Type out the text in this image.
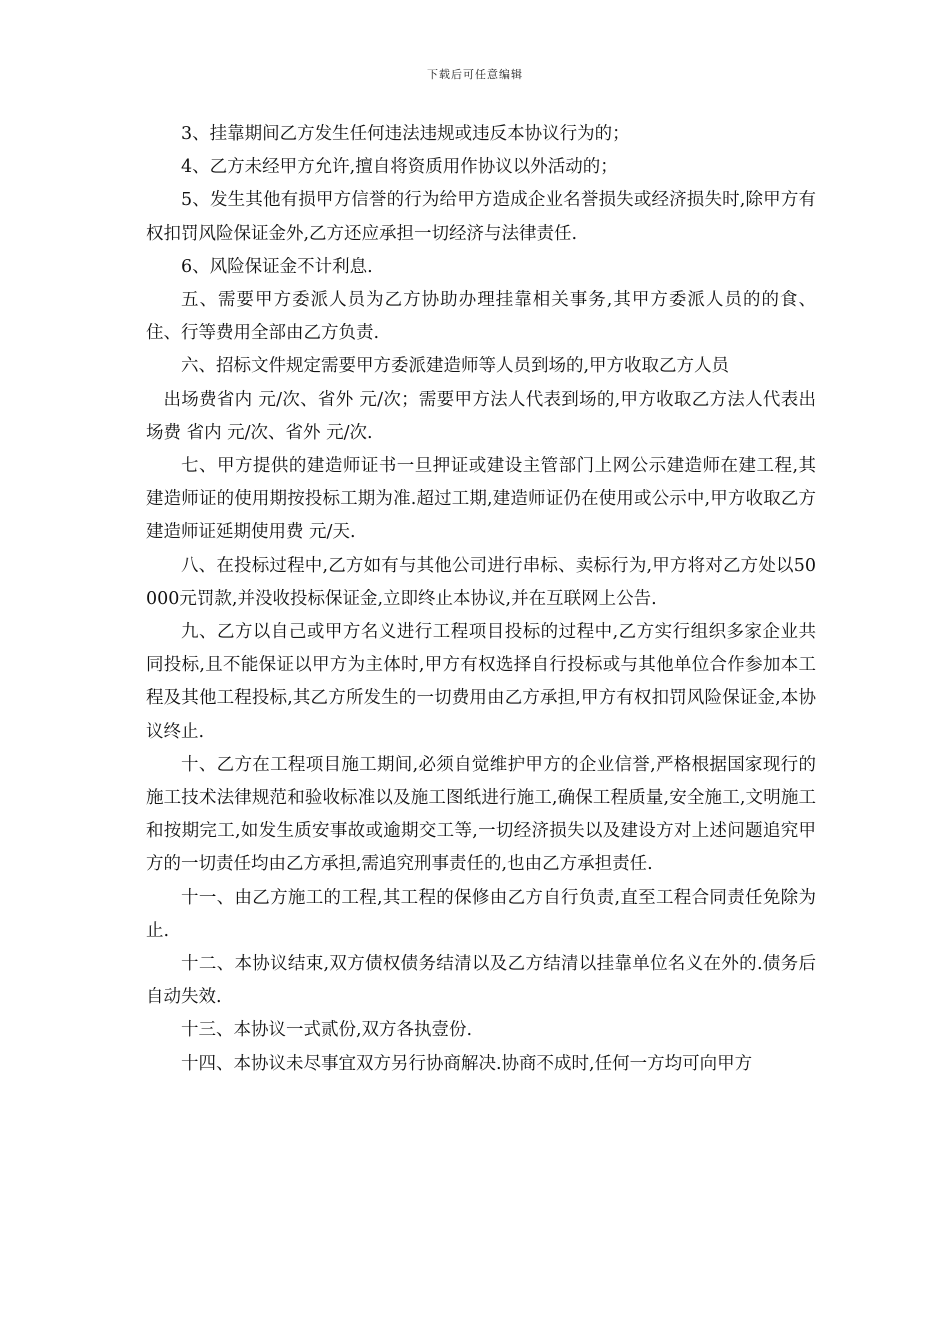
下载后可任意编辑

3、挂靠期间乙方发生任何违法违规或违反本协议行为的；

4、乙方未经甲方允许,擅自将资质用作协议以外活动的；

5、发生其他有损甲方信誉的行为给甲方造成企业名誉损失或经济损失时,除甲方有权扣罚风险保证金外,乙方还应承担一切经济与法律责任.

6、风险保证金不计利息.

五、需要甲方委派人员为乙方协助办理挂靠相关事务,其甲方委派人员的的食、住、行等费用全部由乙方负责.

六、招标文件规定需要甲方委派建造师等人员到场的,甲方收取乙方人员

出场费省内 元/次、省外 元/次；需要甲方法人代表到场的,甲方收取乙方法人代表出场费 省内 元/次、省外 元/次.

七、甲方提供的建造师证书一旦押证或建设主管部门上网公示建造师在建工程,其建造师证的使用期按投标工期为准.超过工期,建造师证仍在使用或公示中,甲方收取乙方建造师证延期使用费 元/天.

八、在投标过程中,乙方如有与其他公司进行串标、卖标行为,甲方将对乙方处以50000元罚款,并没收投标保证金,立即终止本协议,并在互联网上公告.

九、乙方以自己或甲方名义进行工程项目投标的过程中,乙方实行组织多家企业共同投标,且不能保证以甲方为主体时,甲方有权选择自行投标或与其他单位合作参加本工程及其他工程投标,其乙方所发生的一切费用由乙方承担,甲方有权扣罚风险保证金,本协议终止.

十、乙方在工程项目施工期间,必须自觉维护甲方的企业信誉,严格根据国家现行的施工技术法律规范和验收标准以及施工图纸进行施工,确保工程质量,安全施工,文明施工和按期完工,如发生质安事故或逾期交工等,一切经济损失以及建设方对上述问题追究甲方的一切责任均由乙方承担,需追究刑事责任的,也由乙方承担责任.

十一、由乙方施工的工程,其工程的保修由乙方自行负责,直至工程合同责任免除为止.

十二、本协议结束,双方债权债务结清以及乙方结清以挂靠单位名义在外的.债务后自动失效.

十三、本协议一式贰份,双方各执壹份.

十四、本协议未尽事宜双方另行协商解决.协商不成时,任何一方均可向甲方
